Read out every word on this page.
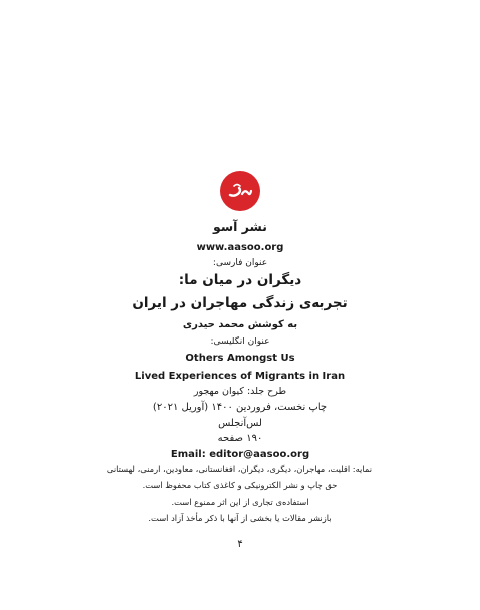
نشر آسو
www.aasoo.org
عنوان فارسی:
دیگران در میان ما:
تجربه‌ی زندگی مهاجران در ایران
به کوشش محمد حیدری
عنوان انگلیسی:
Others Amongst Us
Lived Experiences of Migrants in Iran
طرح جلد: کیوان مهجور
چاپ نخست، فروردین ۱۴۰۰ (آوریل ۲۰۲۱)
لس‌آنجلس
۱۹۰ صفحه
Email: editor@aasoo.org
نمایه: اقلیت، مهاجران، دیگری، دیگران، افغانستانی، معاودین، ارمنی، لهستانی
حق چاپ و نشر الکترونیکی و کاغذی کتاب محفوظ است.
استفاده‌ی تجاری از این اثر ممنوع است.
بازنشر مقالات یا بخشی از آنها با ذکر مأخذ آزاد است.
۴
